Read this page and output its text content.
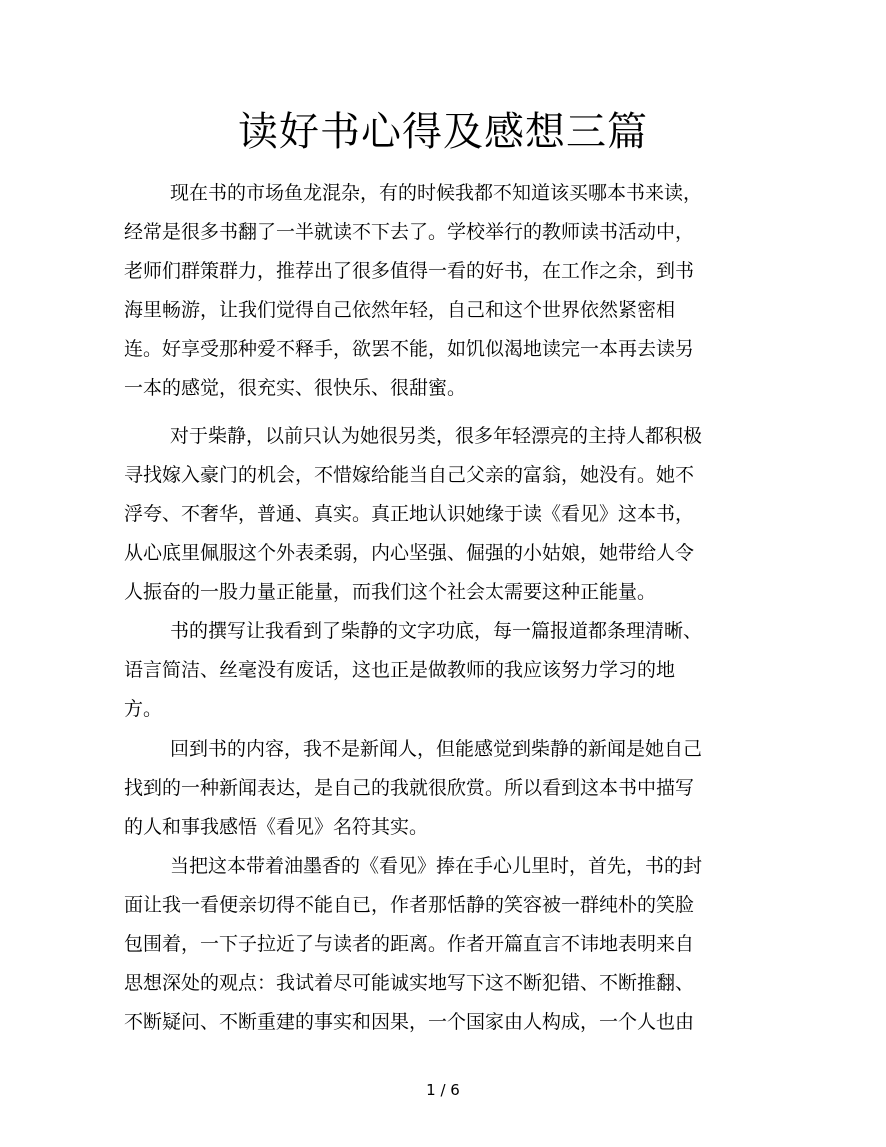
读好书心得及感想三篇

现在书的市场鱼龙混杂，有的时候我都不知道该买哪本书来读，

经常是很多书翻了一半就读不下去了。学校举行的教师读书活动中，

老师们群策群力，推荐出了很多值得一看的好书，在工作之余，到书

海里畅游，让我们觉得自己依然年轻，自己和这个世界依然紧密相

连。好享受那种爱不释手，欲罢不能，如饥似渴地读完一本再去读另

一本的感觉，很充实、很快乐、很甜蜜。

对于柴静，以前只认为她很另类，很多年轻漂亮的主持人都积极

寻找嫁入豪门的机会，不惜嫁给能当自己父亲的富翁，她没有。她不

浮夸、不奢华，普通、真实。真正地认识她缘于读《看见》这本书，

从心底里佩服这个外表柔弱，内心坚强、倔强的小姑娘，她带给人令

人振奋的一股力量正能量，而我们这个社会太需要这种正能量。

书的撰写让我看到了柴静的文字功底，每一篇报道都条理清晰、

语言简洁、丝毫没有废话，这也正是做教师的我应该努力学习的地

方。

回到书的内容，我不是新闻人，但能感觉到柴静的新闻是她自己

找到的一种新闻表达，是自己的我就很欣赏。所以看到这本书中描写

的人和事我感悟《看见》名符其实。

当把这本带着油墨香的《看见》捧在手心儿里时，首先，书的封

面让我一看便亲切得不能自已，作者那恬静的笑容被一群纯朴的笑脸

包围着，一下子拉近了与读者的距离。作者开篇直言不讳地表明来自

思想深处的观点：我试着尽可能诚实地写下这不断犯错、不断推翻、

不断疑问、不断重建的事实和因果，一个国家由人构成，一个人也由

1 / 6
